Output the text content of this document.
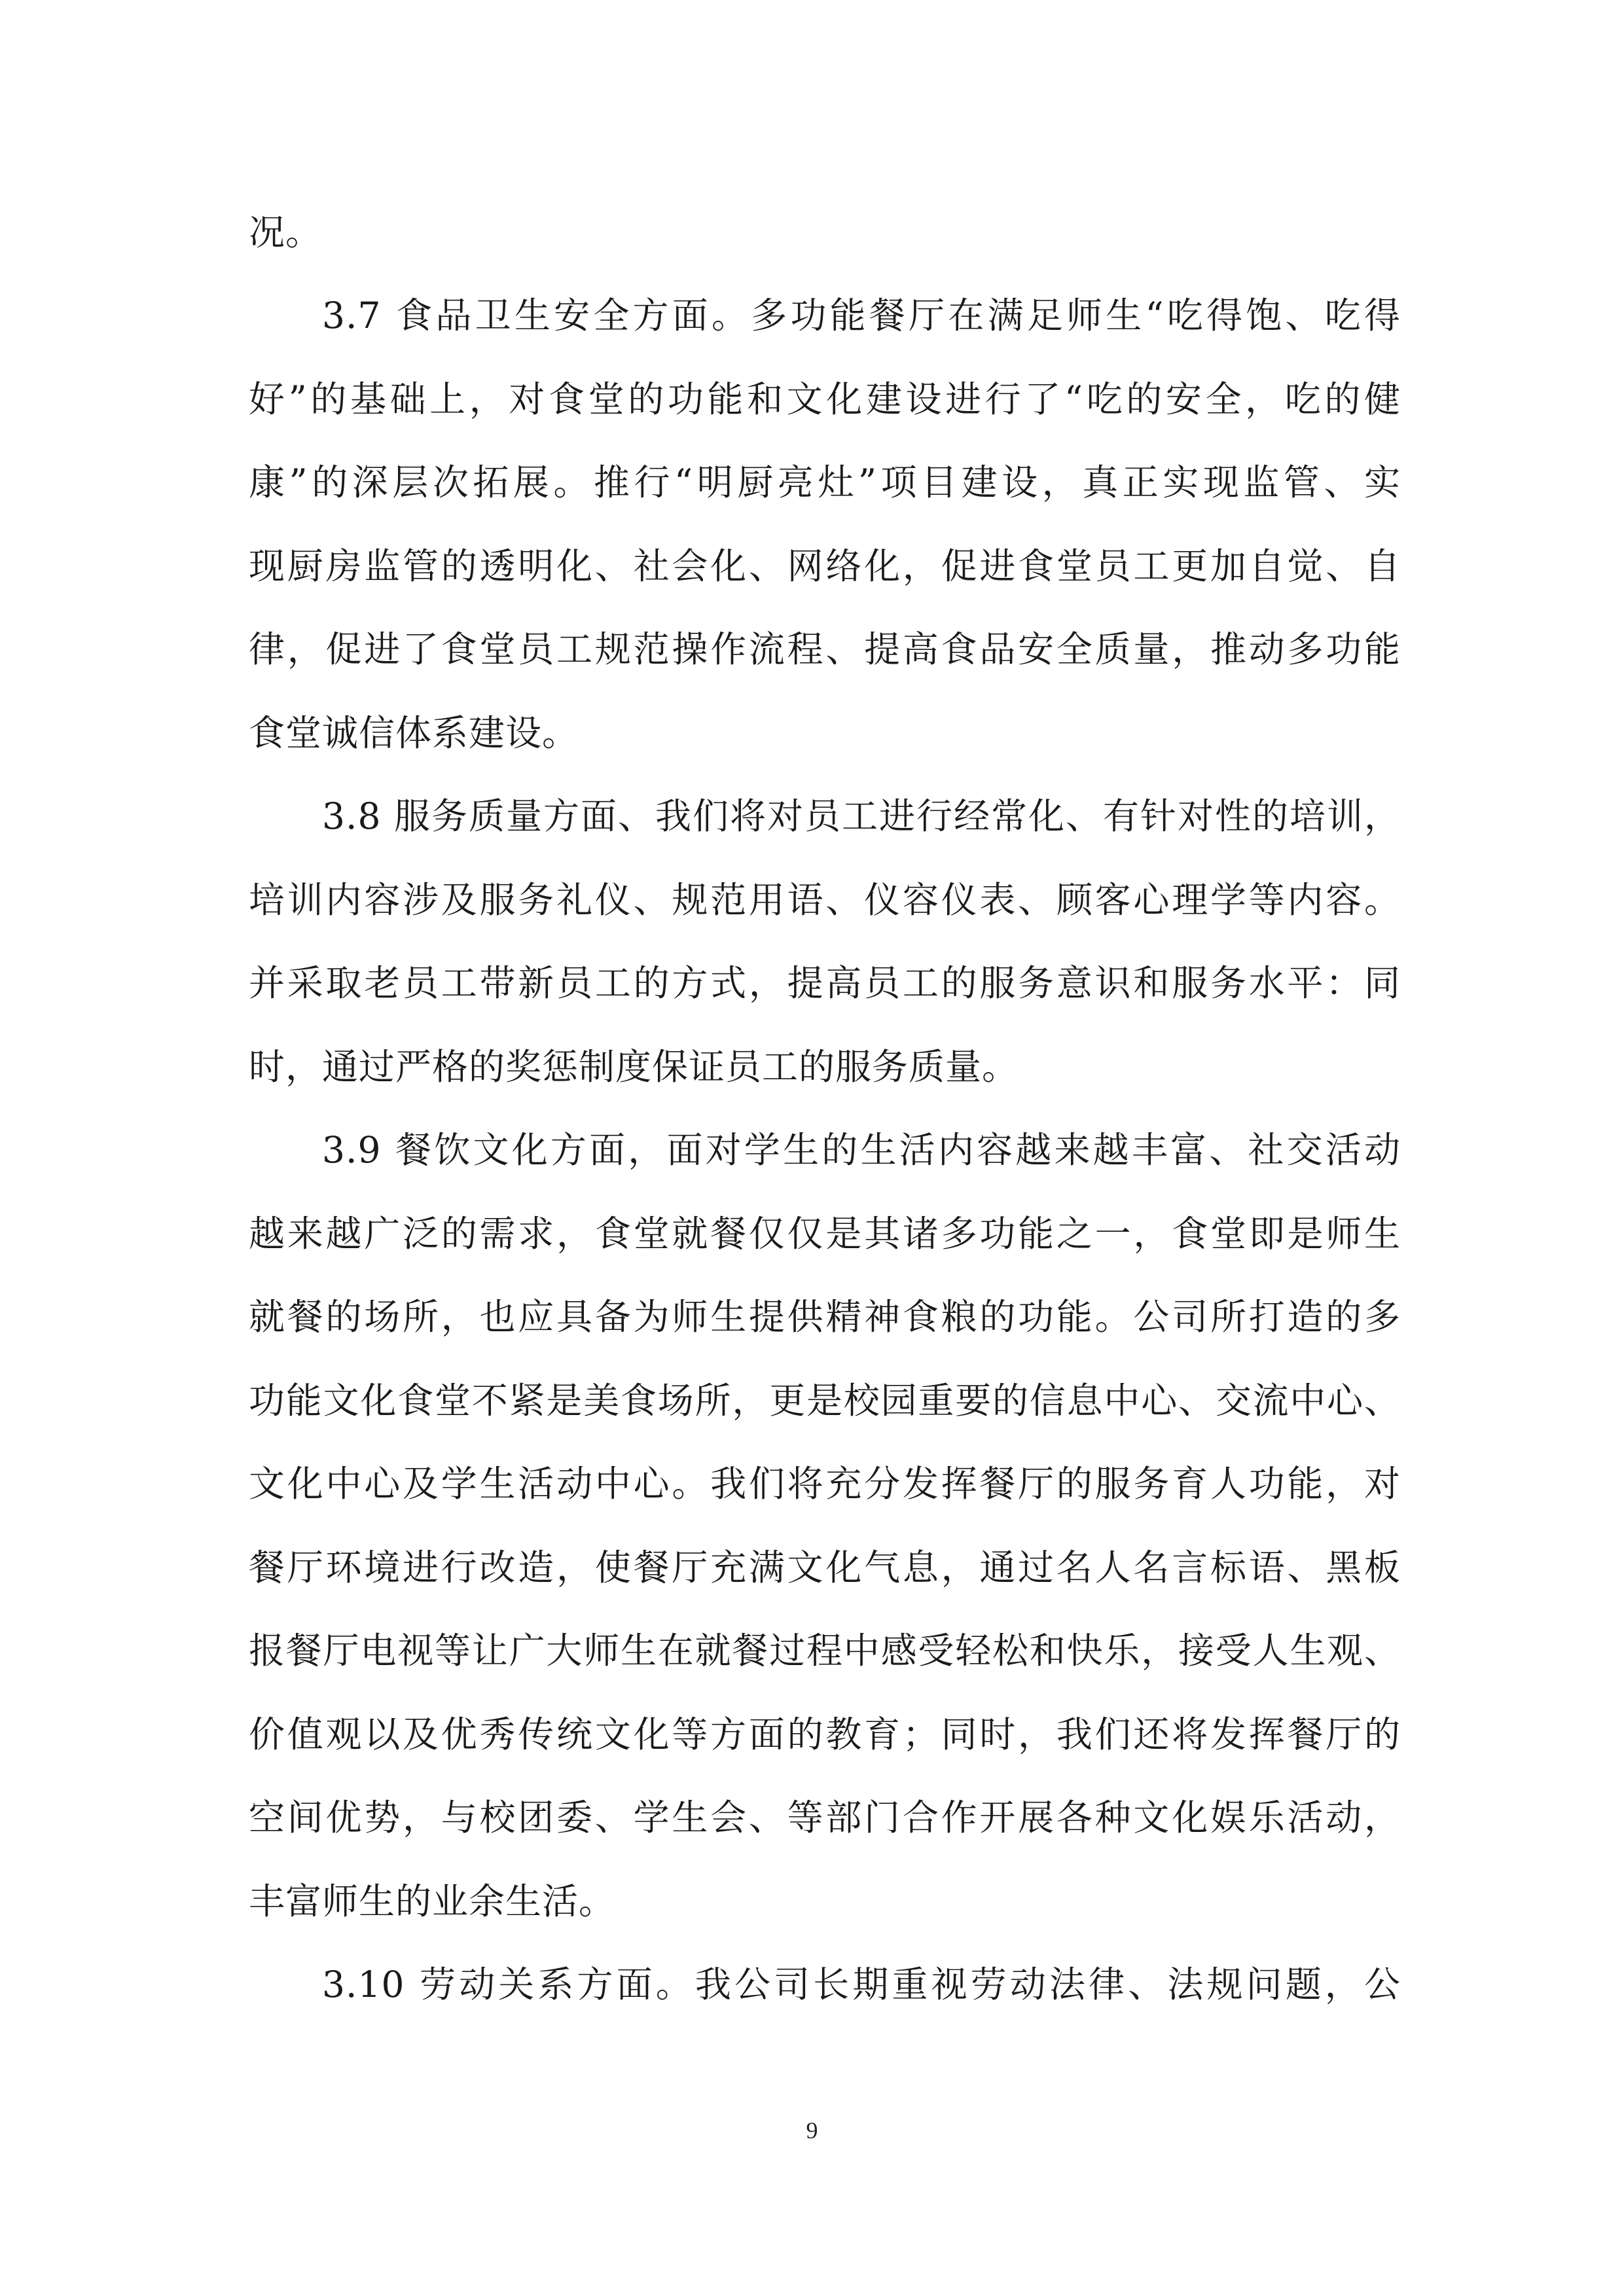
况。
3.7 食品卫生安全方面。多功能餐厅在满足师生“吃得饱、吃得
好”的基础上，对食堂的功能和文化建设进行了“吃的安全，吃的健
康”的深层次拓展。推行“明厨亮灶”项目建设，真正实现监管、实
现厨房监管的透明化、社会化、网络化，促进食堂员工更加自觉、自
律，促进了食堂员工规范操作流程、提高食品安全质量，推动多功能
食堂诚信体系建设。
3.8 服务质量方面、我们将对员工进行经常化、有针对性的培训，
培训内容涉及服务礼仪、规范用语、仪容仪表、顾客心理学等内容。
并采取老员工带新员工的方式，提高员工的服务意识和服务水平：同
时，通过严格的奖惩制度保证员工的服务质量。
3.9 餐饮文化方面，面对学生的生活内容越来越丰富、社交活动
越来越广泛的需求，食堂就餐仅仅是其诸多功能之一，食堂即是师生
就餐的场所，也应具备为师生提供精神食粮的功能。公司所打造的多
功能文化食堂不紧是美食场所，更是校园重要的信息中心、交流中心、
文化中心及学生活动中心。我们将充分发挥餐厅的服务育人功能，对
餐厅环境进行改造，使餐厅充满文化气息，通过名人名言标语、黑板
报餐厅电视等让广大师生在就餐过程中感受轻松和快乐，接受人生观、
价值观以及优秀传统文化等方面的教育；同时，我们还将发挥餐厅的
空间优势，与校团委、学生会、等部门合作开展各种文化娱乐活动，
丰富师生的业余生活。
3.10 劳动关系方面。我公司长期重视劳动法律、法规问题，公
9
